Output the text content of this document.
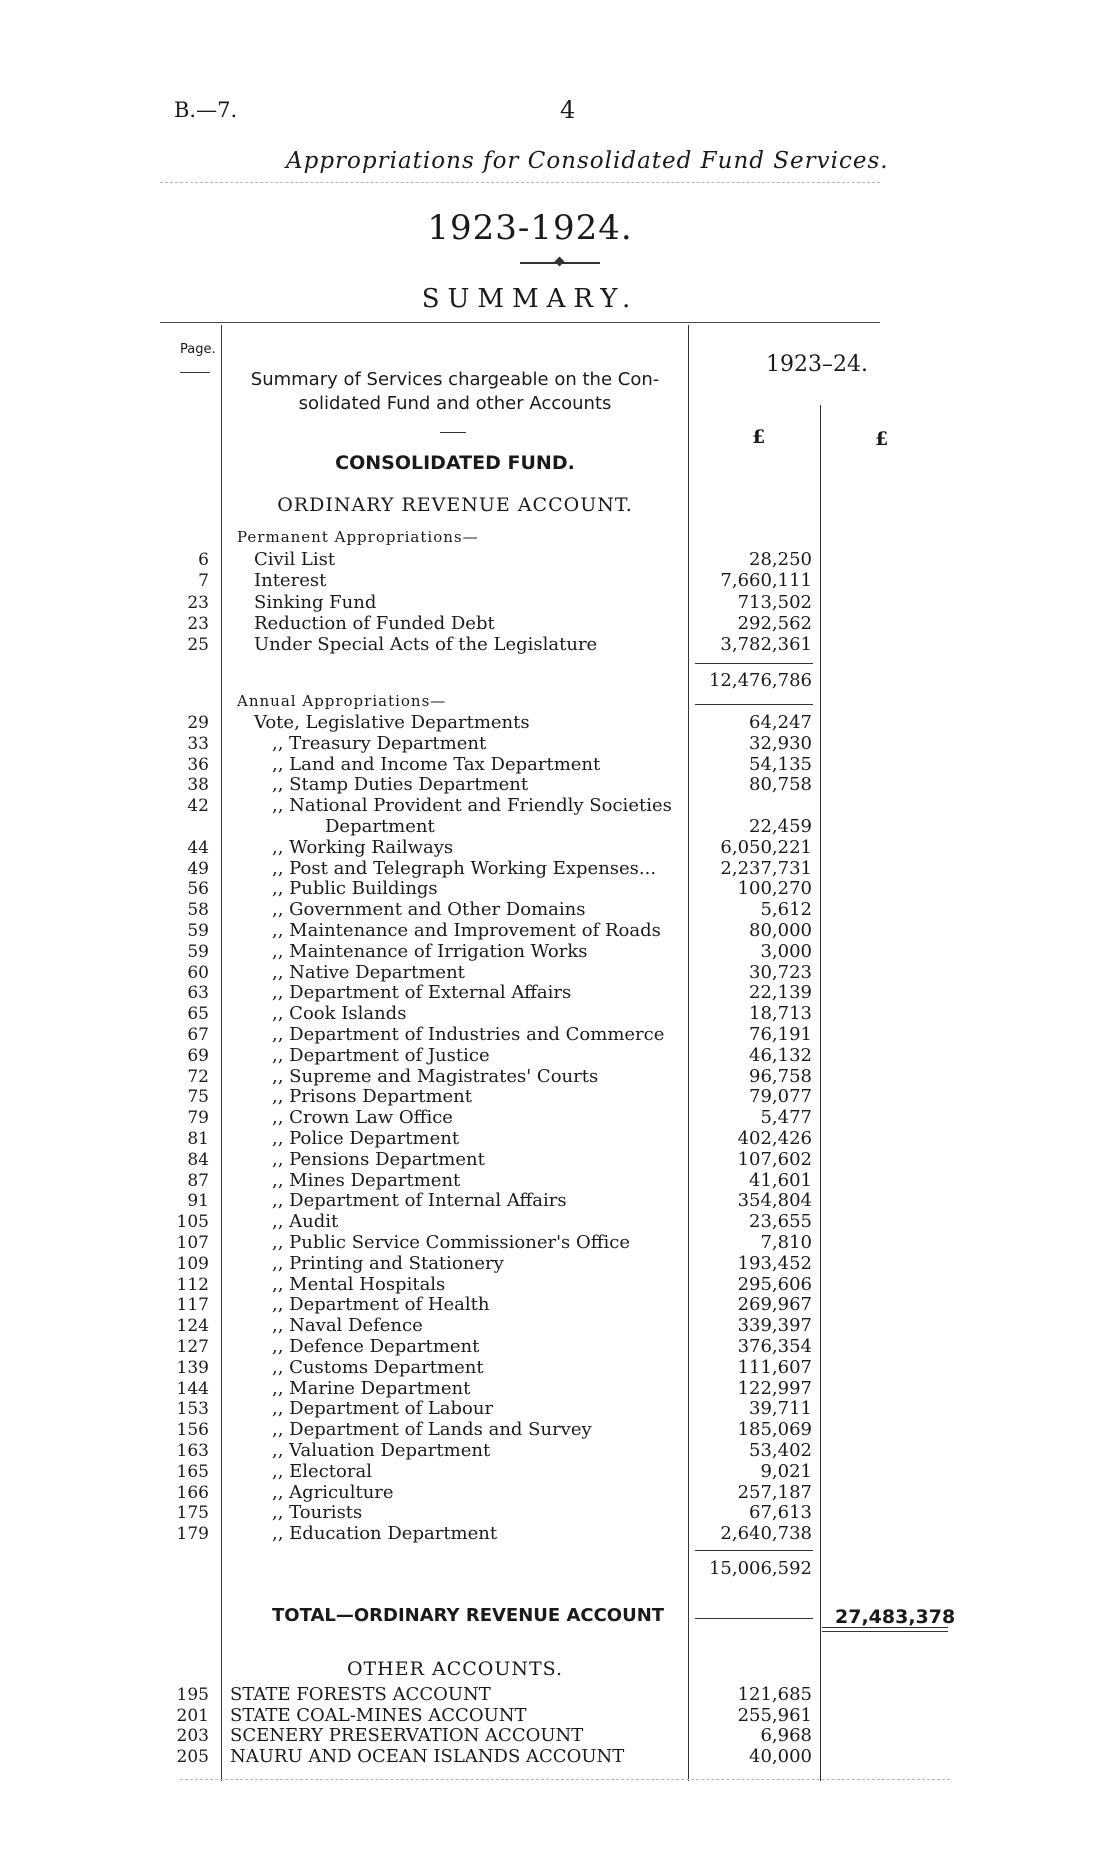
B.—7.	4
Appropriations for Consolidated Fund Services.
1923-1924.
SUMMARY.
Page.
Summary of Services chargeable on the Con-solidated Fund and other Accounts
1923–24.
£	£
CONSOLIDATED FUND.
ORDINARY REVENUE ACCOUNT.
Permanent Appropriations—
6	Civil List	28,250
7	Interest	7,660,111
23	Sinking Fund	713,502
23	Reduction of Funded Debt	292,562
25	Under Special Acts of the Legislature	3,782,361
12,476,786
Annual Appropriations—
29	Vote, Legislative Departments	64,247
33	,, Treasury Department	32,930
36	,, Land and Income Tax Department	54,135
38	,, Stamp Duties Department	80,758
42	,, National Provident and Friendly Societies
Department	22,459
44	,, Working Railways	6,050,221
49	,, Post and Telegraph Working Expenses...	2,237,731
56	,, Public Buildings	100,270
58	,, Government and Other Domains	5,612
59	,, Maintenance and Improvement of Roads	80,000
59	,, Maintenance of Irrigation Works	3,000
60	,, Native Department	30,723
63	,, Department of External Affairs	22,139
65	,, Cook Islands	18,713
67	,, Department of Industries and Commerce	76,191
69	,, Department of Justice	46,132
72	,, Supreme and Magistrates' Courts	96,758
75	,, Prisons Department	79,077
79	,, Crown Law Office	5,477
81	,, Police Department	402,426
84	,, Pensions Department	107,602
87	,, Mines Department	41,601
91	,, Department of Internal Affairs	354,804
105	,, Audit	23,655
107	,, Public Service Commissioner's Office	7,810
109	,, Printing and Stationery	193,452
112	,, Mental Hospitals	295,606
117	,, Department of Health	269,967
124	,, Naval Defence	339,397
127	,, Defence Department	376,354
139	,, Customs Department	111,607
144	,, Marine Department	122,997
153	,, Department of Labour	39,711
156	,, Department of Lands and Survey	185,069
163	,, Valuation Department	53,402
165	,, Electoral	9,021
166	,, Agriculture	257,187
175	,, Tourists	67,613
179	,, Education Department	2,640,738
15,006,592
TOTAL—ORDINARY REVENUE ACCOUNT	27,483,378
OTHER ACCOUNTS.
195 STATE FORESTS ACCOUNT	121,685
201 STATE COAL-MINES ACCOUNT	255,961
203 SCENERY PRESERVATION ACCOUNT	6,968
205 NAURU AND OCEAN ISLANDS ACCOUNT	40,000
